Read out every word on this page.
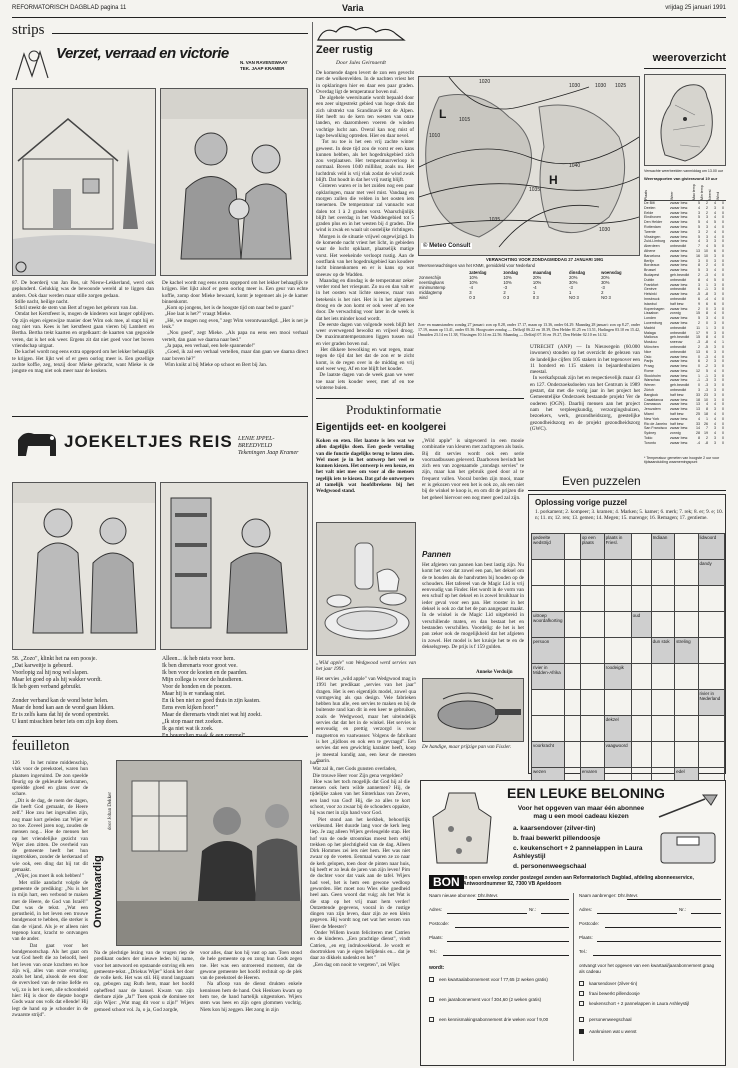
REFORMATORISCH DAGBLAD pagina 11	Varia	vrijdag 25 januari 1991
strips
Verzet, verraad en victorie
N. VAN RAVENSWAAY
TEK. JAAP KRAMER
87. De boerderij van Jan Bos, uit Nieuw-Lekkerland, werd ook geplunderd. Gelukkig was de bewoonde wereld al te liggen dan anders. Ook daar werden maar stille zorgen gedaan.
Stille nacht, heilige nacht.
Schril steekt de stem van Bert af tegen het gebrom van Jan.
Omdat het Kerstfeest is, mogen de kinderen wat langer opblijven. Op zijn eigen eigenwijze manier doet Wim ook mee, al stapt hij er nog niet van. Kees is het kerstfeest gaan vieren bij Lambert en Bertha. Bertha trekt kaarten en orgelkaart: de kaarten van gegooide veren, dat is het ook weer. Ergens zit dat niet goed voor het boven vriendschap uitgaat.
De kachel wordt nog eens extra opgepord om het lekker behaaglijk te krijgen. Het lijkt wel of er geen oorlog meer is. Een gezellige zachte koffie, zeg, tenzij door Mieke gebracht, want Mieke is de jongste en mag niet ook meer naar de keuken.
De kachel wordt nog eens extra opgepord om het lekker behaaglijk te krijgen. Het lijkt alsof er geen oorlog meer is. Een geur van echte koffie, zomp door Mieke bewaard, komt je tegemoet als je de kamer binnenkomt.
„Kom op jongens, het is de hoogste tijd om naar bed te gaan!"
„Hoe laat is het?" vraagt Mieke.
„Hè, we mogen nog even," zegt Wim verontwaardigd. „Het is net je leuk."
„Nou goed", zegt Mieke. „Als papa nu eens een mooi verhaal vertelt, dan gaan we daarna naar bed."
„Ja papa, een verhaal, een hele spannende!"
„Goed, ik zal een verhaal vertellen, maar dan gaan we daarna direct naar boven hè?"
Wim knikt al bij Mieke op schoot en Bert bij Jan.
JOEKELTJES REIS LENIE IPPEL-BREEDVELD
Tekeningen Jaap Kramer
58. „Zozo", klinkt het na een poosje.
„Dat karweitje is gebeurd.
Voorlopig zal hij nog wel slapen.
Maar let goed op als hij wakker wordt.
Ik heb geen verband gebruikt.

Zonder verband kan de wond beter helen.
Maar de hond kan aan de wond gaan likken.
Er is zelfs kans dat hij de wond opentrekt.
U kunt misschien beter iets om zijn kop doen.
Alleen... ik heb niets voor hem.
Ik ben dierenarts voor groot vee.
Ik ben voor de koeien en de paarden.
Mijn collega is voor de huisdieren.
Voor de honden en de poezen.
Maar hij is er vandaag niet.
En ik ben niet zo goed thuis in zijn kasten.
Eens even kijken hoor!"
Maar de dierenarts vindt niet wat hij zoekt.
„Ik stop maar met zoeken.
Ik ga niet wat ik zoek.
En bovendien maak ik een rommel".
feuilleton
126     In het ruime middenschip, vlak voor de preekstoel, waren hun plaatsen ingeruimd. De zon speelde fleurig op de gekleurde kerkramen, spreidde gloed en glans over de schare.
„Dit is de dag, de roem der dagen, die heeft God gemaakt, de Heere zelf." Hoe zou het ingevallen zijn, nog maar kort geleden zat Wijer er zo toe. Zoveel jaren nog, zouden de mensen nog... Hoe de mensen het op het vriendelijke gezicht van Wijer zien zitten. De overheid van de gemeente heeft het hun ingetrokken, zonder de kerkeraad of wie ook, een ding dat hij tot dit gemaakt.
„Wijer, jou moet ik ook hebben!"
Met stille aandacht volgde de gemeente de prediking: „Nu is het in mijn hart, een verbond te maken met de Heere, de God van Israël!" Dat was de tekst. „Wat een gerustheid, in het leven een trouwe bondgenoot te hebben, die sterker is dan de vijand. Als je er alleen niet tegenop kunt, kracht te ontvangen van de ander.
Dat gaat voor het bondgenootschap. Als het gaat om wat God heeft die zo beloofd, heel het leven van onze krachten en hoe zijn wij, alles van onze ervaring, zoals het land, alsook de een door de overvloed van de reine liefde en wij, zo is het is een, alle schoonheid hier: Hij is door de diepste hoogte Gods waar ons volk dat ellende! Hij legt de hand op je schouder in de zwaarste strijd".
Onvolwaardig
door Johan Dekker
Na de plechtige lezing van de vragen riep de predikant ouders der nieuwe leden bij name, voor het antwoord en opstaande ontving elk een gemeente-tekst. „Driekus Wijer" klonk het door de volle kerk. Het was stil. Hij stond langzaam op, gebogen zag Ruth hem, maar het hoofd opheffend naar de kansel. Kwam van zijn dierbare zijde „Ja!" Toen sprak de dominee tot zijn Wijer: „Wat mag dit voor u zijn!" Wijers gemoed schoot vol. Ja, o ja, God zorgde,
voor alles, daar kon hij vast op aan. Toen stond de hele gemeente op en zong hun Gods zegen toe. Het was een ontroerend moment, dat de gewone gemeente het hoofd rechtuit op de plek van de preekstoel de Heeren.
Na afloop van de dienst drukten enkele kennissen hem de hand. Ook Henksen kwam op hem toe, de hand hartelijk uitgestoken. Wijers stem was hees en zijn ogen glommen vochtig. Niets kon hij zeggen. Het zong in zijn
hart:
Wat zal ik, met Gods gunsten overladen,
Die trouwe Heer voor Zijn gena vergelden?
Hoe was het toch mogelijk dat God hij al die mensen ook hem wilde aannemen? Hij, de tijdelijke zaken van het Sinterklaas van Zeven, een land van God! Hij, die zo alles te kort schoot, voor zo zwaar bij de schouders oppakte, hij was met in zijn hand voor God.
Piet stond aan het kerkhek, behoorlijk verkleumd. Het duurde lang voor de kerk leeg liep. Je zag alleen Wijers gevleugelde stap. Het hof van de oude stroomkas moest hem erbij trekken op het plechtigheid van de dag. Alleen Dirk Hommes zei iets niet hem. Het was niet zwaar op de voeten. Eenmaal waren ze zo naar de kerk gelopen, toen door de pinten naar huis, hij heeft er zo leuk de jaren van zijn leven! Pim de dochter voor dat vaak aan de tafel. Wijers had veel, het is hem een gewone wedloop geworden. Het moet nou Wies elke goedheid heel aan. Geen woord dat vuig; als het Wat is die stap op het vrij maat hem verder! Ontzettende gegevens, vooral in de rustige dingen van zijn leven, daar zijn ze een klein gegeven. Hij wordt nog net wat het wezen van Heer de Meester?
Onder Willem kwam feliciteren met Catrien en de kinderen. „Een prachtige dienst", vindt Catrien, „en erg indrukwekkend. Je wordt er doortrokken van je eigen belijdenis en... dat je daar zo dikkels nadenkt en het "
„Een dag om nooit te vergeten", zei Wijer.
Zeer rustig
Door Jules Geirnaerdt
De komende dagen levert de zon een gevecht met de wolkenvelden. In de nachten vriest het in opklaringen hier en daar een paar graden. Overdag ligt de temperatuur boven nul.
De algehele weersituatie wordt bepaald door een zeer uitgestrekt gebied van hoge druk dat zich uitstrekt van Scandinavië tot de Alpen. Het heeft nu de kern ten westen van onze landen, en daaromheen voeren de winden vochtige lucht aan. Overal kan nog mist of lage bewolking optreden. Hier en daar nevel.
Tot nu toe is het een vrij zachte winter geweest. In deze tijd zou de vorst er een kans kunnen hebben, als het hogedrukgebied zich zou verplaatsen. Het temperatuurverloop is normaal. Boven 1040 millibar, zoals nu. Het luchtdruk veld is vrij vlak zodat de wind zwak blijft. Dat houdt in dat het vrij rustig blijft.
Gisteren waren er in het zuiden nog een paar opklaringen, maar met veel mist. Vandaag en morgen zullen die velden in het oosten iets toenemen. De temperatuur zal vannacht wat dalen tot 1 à 2 graden vorst. Waarschijnlijk blijft het overdag in het Waddengebied tot 5 graden plus en in het westen bij 4 graden. Die wind is zwak en waait uit oostelijke richtingen.
Morgen is de situatie vrijwel ongewijzigd. In de komende nacht vriest het licht, in gebieden waar de lucht opklaart, plaatselijk matige vorst. Het weekeinde verloopt rustig. Aan de oostflank van het hogedrukgebied kan koudere lucht binnenkomen en er is kans op wat sneeuw op de Wadden.
Maandag en dinsdag is de temperatuur zeker verder rond het vriespunt. Zo nu en dan valt er in het oosten wat lichte sneeuw, maar van betekenis is het niet. Het is in het algemeen droog en de zon komt er ook weer af en toe door. De verwachting voor later in de week is dat het iets minder koud wordt.
De eerste dagen van volgende week blijft het weer overwegend bewolkt en vrijwel droog. De maximumtemperaturen liggen tussen nul en vier graden boven nul.
Het dikkere bewolking en wat regen, maar tegen de tijd dat het dat de zon er te zicht komt, is de regen over in de middag en vrij snel weer weg. Af en toe blijft het kouder.
De laatste dagen van de week gaan we weer toe naar iets kouder weer, met af en toe winterse buien.
1030	1030 1025
1020
1015
1010
1035
1040
1035
1030
H
L
© Meteo Consult
VERWACHTING VOOR ZONDAGMIDDAG 27 JANUARI 1991
Weersverwachtingen van het KNMI, gemiddeld voor Nederland
	zaterdag	zondag	maandag	dinsdag	woensdag
zonneschijn	10%	10%	20%	20%	20%
neerslagkans	10%	10%	10%	30%	30%
minimumtemp	-4	-3	-4	-3	-3
middagtemp	3	2	1	1	2
wind	0 3	0 3	0 3	NO 3	NO 3
Zon- en maanstanden: zondag 27 januari: zon op 8.28, onder 17.17, maan op 13.36, onder 04.29. Maandag 28 januari: zon op 8.27, onder 17.19, maan op 13.41, onder 05.36. Hoogwater zondag — Delfzijl 06.22 en 18.39, Den Helder 01.25 en 13.51, Harlingen 03.10 en 15.42, IJmuiden 23.14 en 11.38, Vlissingen 10.14 en 22.56. Maandag — Delfzijl 07.16 en 19.27, Den Helder 02.10 en 14.32.
UTRECHT (ANP) — In Nieuwegein (60.000 inwoners) stonden op het overzicht de gelezen van de landelijke cijfers 105 stakers in het tegenover een 11 honderd en 115 stakers in bejaardenhuizen meestal.
In werkafspraak zijn het en respectievelijk maar 43 en 127. Onderzoeksdoelen van het Centrum is 1989 gestart, dat met die vorig jaar in het project het Gemeentelijke Onderzoek bestaande projekt Ver de ouderen (OGN). Daarbij mensen aan het project nam het verpleegkundig, verzorgingshuizen, bezoekers, werk, gezondheidszorg, geestelijke gezondheidszorg en de projekt gezondheidszorg (GWC).
weeroverzicht
Verwachte weerbeelden vanmiddag om 13.00 uur
Weerrapporten van gisteravond 19 uur
Plaats	Weer	Max temp	Min temp	Neersl	Wind
De Bilt	zwaar bew.	5	2	4	0
Deelen	zwaar bew.	4	2	3	0
Eelde	zwaar bew.	3	2	4	0
Eindhoven	zwaar bew.	5	3	4	0
Den Helder	zwaar bew.	5	4	5	0
Rotterdam	zwaar bew.	5	3	4	0
Twente	zwaar bew.	3	2	4	0
Vlissingen	zwaar bew.	5	3	4	0
Zuid-Limburg	zwaar bew.	4	3	3	0
Aberdeen	onbewolkt	7	4	5	0
Athene	zwaar bew.	13	10	6	0
Barcelona	zwaar bew.	16	10	3	0
Berlijn	zwaar bew.	3	0	3	0
Bordeaux	zwaar bew.	8	2	4	0
Brussel	zwaar bew.	5	3	4	0
Budapest	geh.bewolkt	2	-3	4	0
Dublin	onbewolkt	8	4	5	0
Frankfort	zwaar bew.	3	1	3	0
Genève	onbewolkt	6	-1	3	0
Helsinki	zwaar bew.	-5	-8	3	0
Innsbruck	onbewolkt	6	-4	4	0
Istanbul	half bew.	9	6	6	0
Kopenhagen	zwaar bew.	2	0	3	0
Lissabon	zonnig	15	8	4	0
Londen	zwaar bew.	5	3	4	0
Luxemburg	zwaar bew.	2	0	3	0
Madrid	onbewolkt	11	1	3	0
Malaga	onbewolkt	17	9	3	0
Mallorca	geh.bewolkt	15	8	4	0
Moskou	sneeuw	-3	-8	4	1
München	onbewolkt	2	-5	3	0
Nice	onbewolkt	13	6	3	0
Oslo	zwaar bew.	0	-3	4	0
Parijs	zwaar bew.	6	2	3	0
Praag	zwaar bew.	0	-2	3	0
Rome	zwaar bew.	12	5	4	0
Stockholm	zwaar bew.	1	-1	3	0
Warschau	zwaar bew.	-1	-3	3	0
Wenen	geh.bewolkt	0	-3	3	0
Zürich	onbewolkt	3	-3	3	0
Bangkok	half bew.	33	23	3	0
Casablanca	zwaar bew.	18	10	3	0
Damascus	zwaar bew.	13	4	4	0
Jeruzalem	zwaar bew.	13	8	3	0
Miami	half bew.	25	18	4	0
New York	zwaar bew.	4	1	4	0
Rio de Janeiro half bew.	33	26	4	0
San Francisco zwaar bew.	14	7	3	0
Sydney	zonnig	28	19	4	0
Tokio	zwaar bew.	8	2	3	0
Toronto	zwaar bew.	-4	-8	3	0
* Temperatuur gemeten van hoogste 2 uur voor tijdsaanduiding waarnemingspunt
Produktinformatie
Eigentijds eet- en koolgerei
Koken en eten. Het laatste is iets wat we allen dagelijks doen. Een goede vertaling van die functie dagelijks terug te laten zien. Wel moet je in het ontwerp het veel te kunnen kiezen. Het ontwerp is een keuze, en het valt niet mee om voor al die mensen tegelijk iets te kiezen. Dat gaf de ontwerpers al tamelijk wat hoofdbrekens bij het Wedgwood stand.
„Wild apple" is uitgevoerd in een mooie combinatie van kleuren met zachtgroen als basis. Bij dit servies wordt ook een serie voorraadbussen geleverd. Daarboven bevindt het zich een van zogenaamde „zondags servies" te zijn, maar kan het gebruik goed door al te frequent vallen. Vooral borden zijn mooi, maar er is gekozen voor een het is ook zo, als een niet bij de winkel te koop is, en om dit de prijzen die het geheel hiervoor een nog meer goed zal zijn.
„Wild apple" van Wedgwood werd servies van het jaar 1991.
Het servies „wild apple" van Wedgwood mag in 1991 het predikaat „servies van het jaar" dragen. Het is een eigentijds model, zowel qua vormgeving als qua design. Vele fabrieken hebben hun alle, een servies te maken en bij de buitenste rand kan dit in een keer te gebruiken, zoals de Wedgwood, maar het uiteindelijk servies dat dat het in de winkel. Het servies is eenvoudig en prettig verzorgd is voor magnetron en vaatwasser. Volgens de fabrikant is het „tijdloos en ook een te gevraagd". Een servies dat een gewichtig karakter heeft, koop je meestal kundig aan, een keur de meesten daarin.
Pannen
Het afgieten van pannen kan best lastig zijn. Nu komt het voor dat zowel een pan, het deksel om de te houden als de handvatten bij houden op de schouders. Het tafereel van de Magic Lid is vrij eenvoudig van Finder. Het wordt in de vorm van een schuif op het deksel en is zowel bruikbaar in ieder geval voor een pan. Het rooster in het deksel is ook zo dat het de pan aangepast maakt. In de winkel is de Magic Lid uitgebreid in verschillende maten, en dan bestaat het en bestanden verschillen. Voordelig: de het is het pan zeker ook de mogelijkheid dat het afgieten in zowel. Het model is het kruisje het te en de dekselsgreep. De prijs is f 159 gulden.
Anneke Verduijn
De handige, maar prijzige pan van Fissler.
Even puzzelen
Oplossing vorige puzzel
1. porkament; 2. kompeer; 3. kramen; 4. Marken; 5. kamer; 6. merk; 7. rek; 8. er; 9. e; 10. n; 11. m; 12. ren; 13. gemen; 14. Megen; 15. marenge; 16. Remagen; 17. gentieme.
gedeelte wedstrijd		op een plaats	plaats in Friesl.		Indiaan		lidwoord
							dandy

uitroep woordafkorting				oud			
persoon					dun stok	streling	
rivier in Midden-Afrika			roodeigik				
							rivier in Nederland
			dekzel				
voorkracht			vaagwoord				
wezen		ervaren				edel	
EEN LEUKE BELONING
Voor het opgeven van maar één abonnee
mag u een mooi cadeau kiezen
a. kaarsendover (zilver-tin)
b. fraai bewerkt pillendoosje
c. keukenschort + 2 pannelappen in Laura Ashleystijl
d. personenweegschaal
BON in open envelop zonder postzegel zenden aan Reformatorisch Dagblad, afdeling abonneeservice, Antwoordnummer 92, 7300 VB Apeldoorn
Naam nieuwe abonnee: Dhr./Mevr.
Adres:	Nr.:
Postcode:
Plaats:
Tel.:
wordt:
een kwartaalabonnement voor f 77,65 (2 weken gratis)
een jaarabonnement voor f 304,60 (2 weken gratis)
een kennismakingsabonnement drie weken voor f 9,00
Naam aanbrenger: Dhr./Mevr.
Adres:	Nr.:
Postcode:
Plaats:
Tel.:
ontvangt voor het opgeven van een kwartaal/jaarabonnement graag als cadeau
kaarsendover (zilver-tin)
fraai bewerkt pillendoosje
keukenschort + 2 pannelappen in Laura Ashleystijl
personenweegschaal
Aankruisen wat u wenst
